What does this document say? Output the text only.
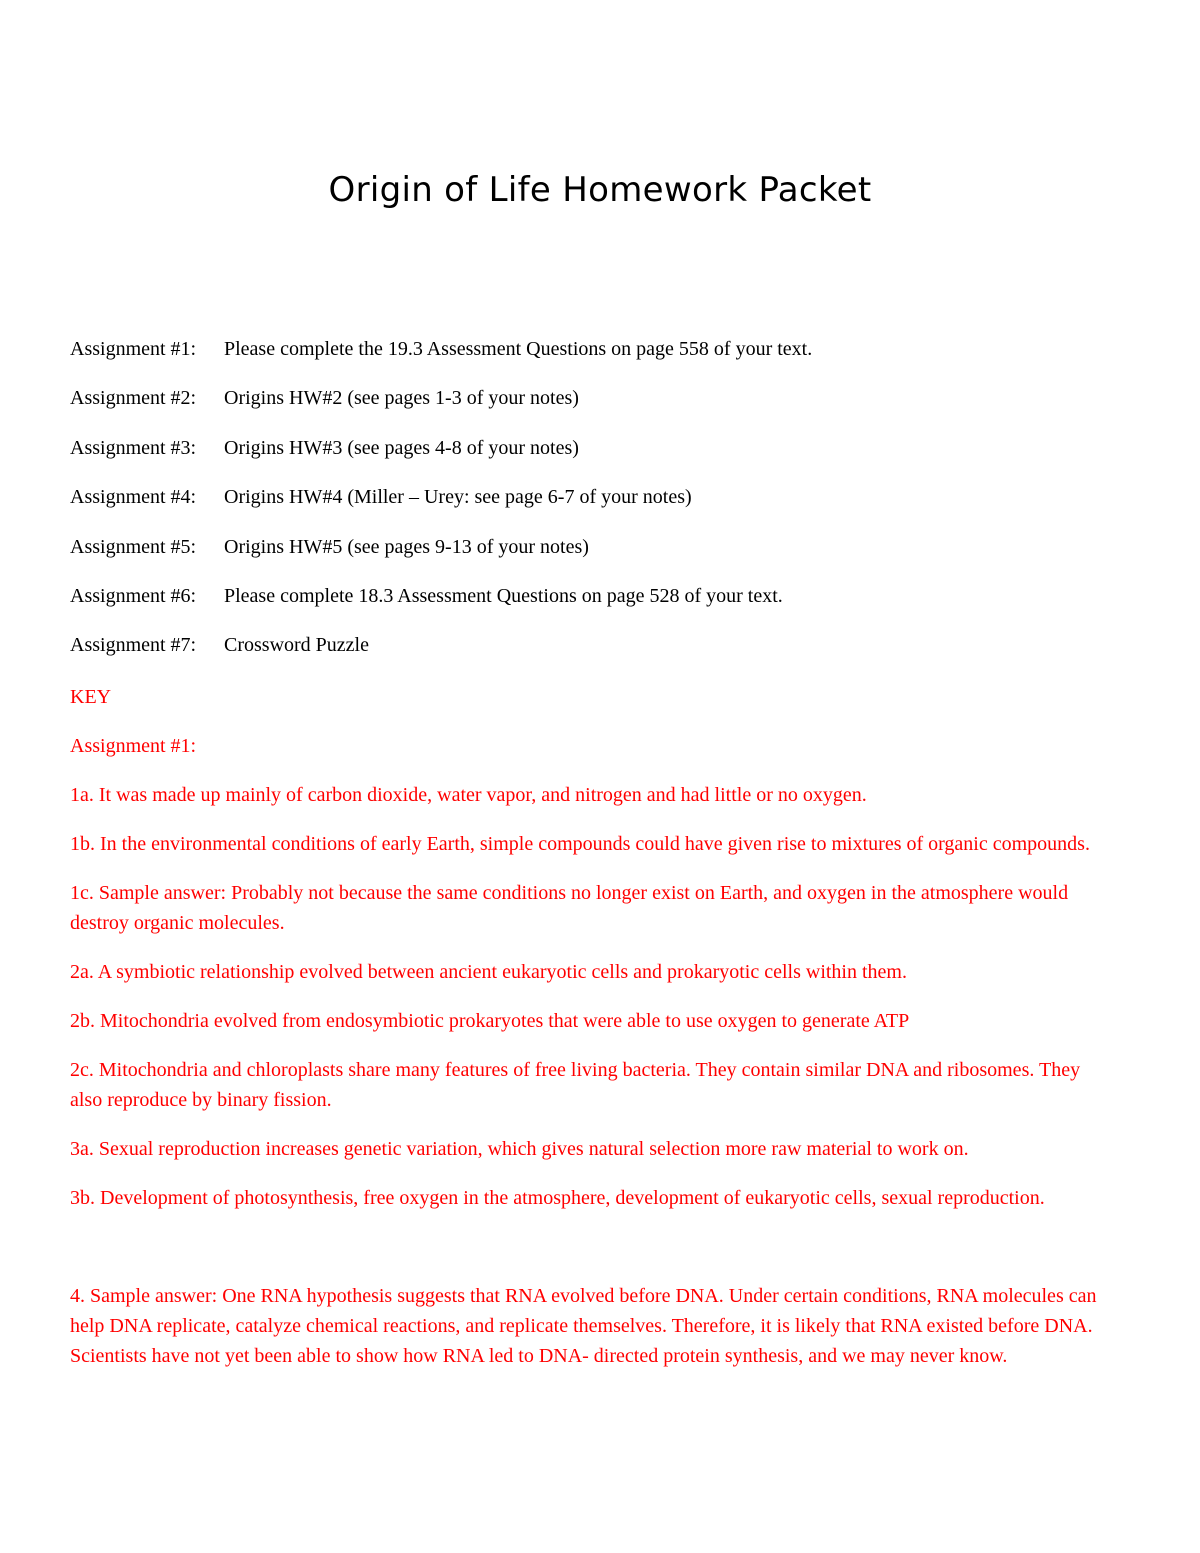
Origin of Life Homework Packet
Assignment #1: Please complete the 19.3 Assessment Questions on page 558 of your text.
Assignment #2: Origins HW#2 (see pages 1-3 of your notes)
Assignment #3: Origins HW#3 (see pages 4-8 of your notes)
Assignment #4: Origins HW#4 (Miller – Urey: see page 6-7 of your notes)
Assignment #5: Origins HW#5 (see pages 9-13 of your notes)
Assignment #6: Please complete 18.3 Assessment Questions on page 528 of your text.
Assignment #7: Crossword Puzzle

KEY

Assignment #1:

1a. It was made up mainly of carbon dioxide, water vapor, and nitrogen and had little or no oxygen.

1b. In the environmental conditions of early Earth, simple compounds could have given rise to mixtures of organic compounds.

1c. Sample answer: Probably not because the same conditions no longer exist on Earth, and oxygen in the atmosphere would destroy organic molecules.

2a. A symbiotic relationship evolved between ancient eukaryotic cells and prokaryotic cells within them.

2b. Mitochondria evolved from endosymbiotic prokaryotes that were able to use oxygen to generate ATP

2c. Mitochondria and chloroplasts share many features of free living bacteria. They contain similar DNA and ribosomes. They also reproduce by binary fission.

3a. Sexual reproduction increases genetic variation, which gives natural selection more raw material to work on.

3b. Development of photosynthesis, free oxygen in the atmosphere, development of eukaryotic cells, sexual reproduction.

4. Sample answer: One RNA hypothesis suggests that RNA evolved before DNA. Under certain conditions, RNA molecules can help DNA replicate, catalyze chemical reactions, and replicate themselves. Therefore, it is likely that RNA existed before DNA. Scientists have not yet been able to show how RNA led to DNA- directed protein synthesis, and we may never know.
